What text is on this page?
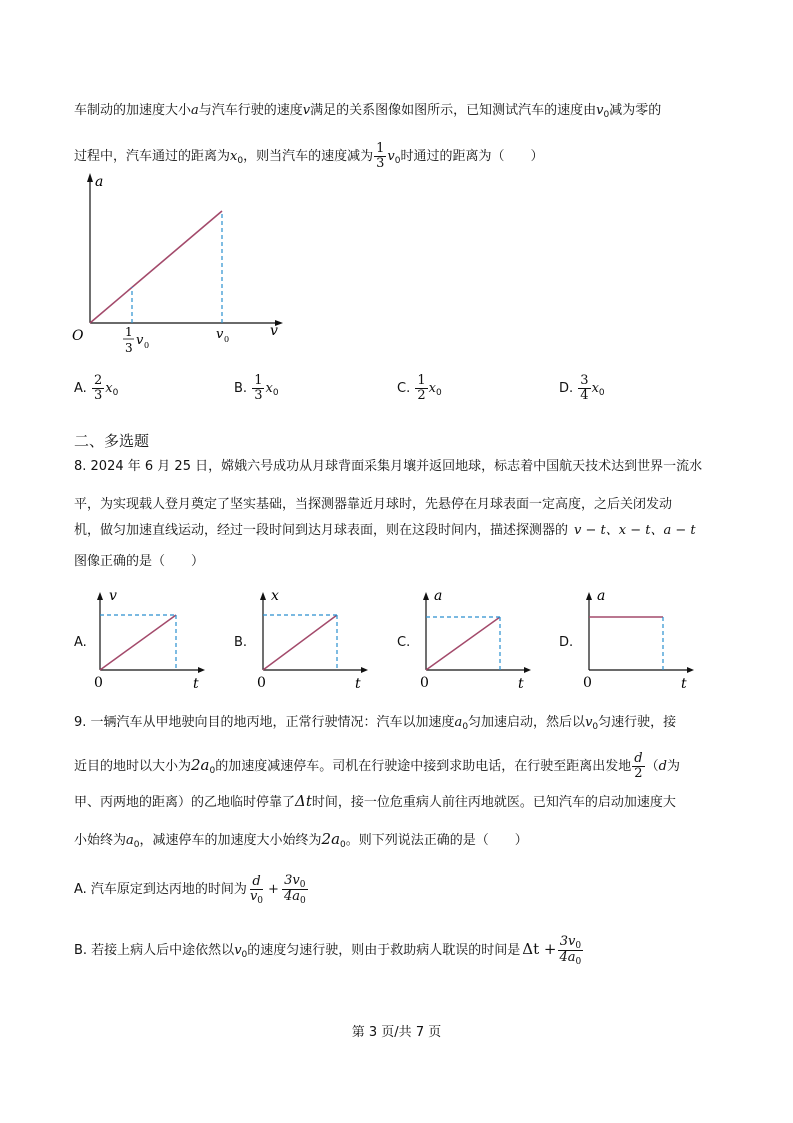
车制动的加速度大小a与汽车行驶的速度v满足的关系图像如图所示，已知测试汽车的速度由$v_0$减为零的
过程中，汽车通过的距离为$x_0$，则当汽车的速度减为 $\frac{1}{3} v_0$时通过的距离为（　　）
a
v
O	1
3 v 0
v 0
A. $\frac{2}{3} x_0$	B. $\frac{1}{3} x_0$	C. $\frac{1}{2} x_0$	D. $\frac{3}{4} x_0$
二、多选题
8. 2024 年 6 月 25 日，嫦娥六号成功从月球背面采集月壤并返回地球，标志着中国航天技术达到世界一流水
平，为实现载人登月奠定了坚实基础，当探测器靠近月球时，先悬停在月球表面一定高度，之后关闭发动
机，做匀加速直线运动，经过一段时间到达月球表面，则在这段时间内，描述探测器的 v − t、x − t、a − t
图像正确的是（　　）
A.
v
t
0
B.
x
t
0
C.
a
t
0
D.
a
t
0
9. 一辆汽车从甲地驶向目的地丙地，正常行驶情况：汽车以加速度$a_0$匀加速启动，然后以$v_0$匀速行驶，接
近目的地时以大小为$2a_0$的加速度减速停车。司机在行驶途中接到求助电话，在行驶至距离出发地 $\frac{d}{2} (d$为
甲、丙两地的距离）的乙地临时停靠了Δt时间，接一位危重病人前往丙地就医。已知汽车的启动加速度大
小始终为$a_0$，减速停车的加速度大小始终为$2a_0$。则下列说法正确的是（　　）
A. 汽车原定到达丙地的时间为 $\frac{d}{v_0} + \frac{3v_0}{4a_0}$
B. 若接上病人后中途依然以$v_0$的速度匀速行驶，则由于救助病人耽误的时间是 $\Delta t + \frac{3v_0}{4a_0}$
第 3 页/共 7 页
